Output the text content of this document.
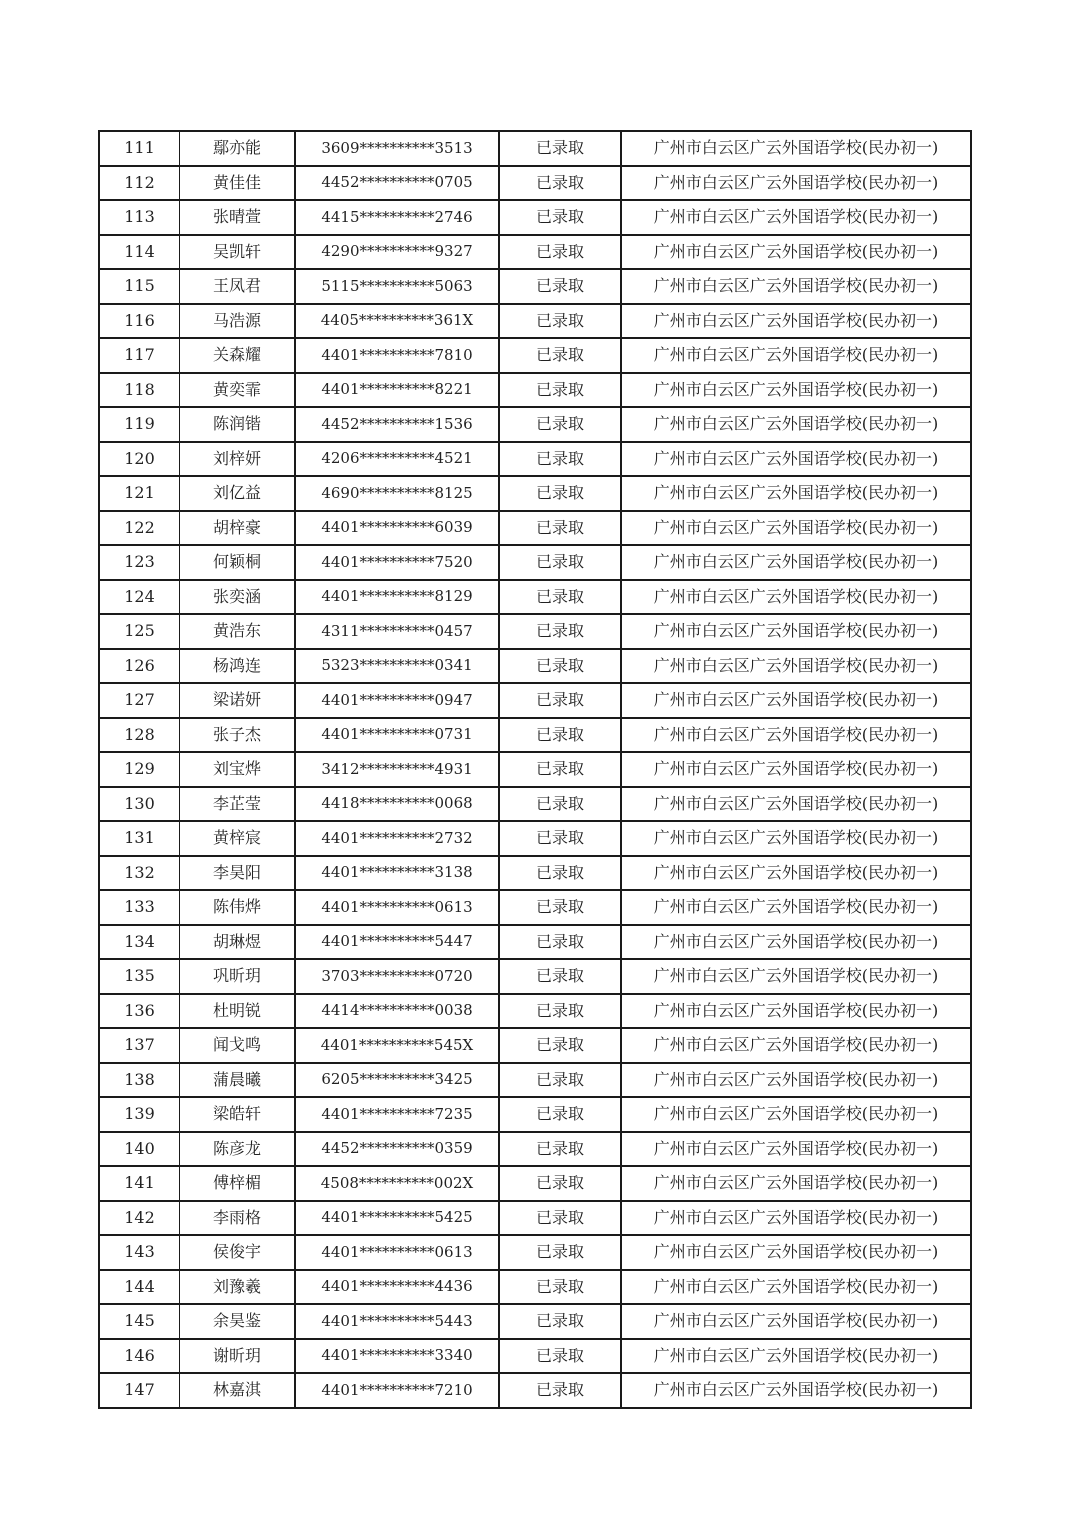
111	鄢亦能	3609**********3513	已录取	广州市白云区广云外国语学校(民办初一)
112	黄佳佳	4452**********0705	已录取	广州市白云区广云外国语学校(民办初一)
113	张晴萱	4415**********2746	已录取	广州市白云区广云外国语学校(民办初一)
114	吴凯轩	4290**********9327	已录取	广州市白云区广云外国语学校(民办初一)
115	王凤君	5115**********5063	已录取	广州市白云区广云外国语学校(民办初一)
116	马浩源	4405**********361X	已录取	广州市白云区广云外国语学校(民办初一)
117	关森耀	4401**********7810	已录取	广州市白云区广云外国语学校(民办初一)
118	黄奕霏	4401**********8221	已录取	广州市白云区广云外国语学校(民办初一)
119	陈润锴	4452**********1536	已录取	广州市白云区广云外国语学校(民办初一)
120	刘梓妍	4206**********4521	已录取	广州市白云区广云外国语学校(民办初一)
121	刘亿益	4690**********8125	已录取	广州市白云区广云外国语学校(民办初一)
122	胡梓豪	4401**********6039	已录取	广州市白云区广云外国语学校(民办初一)
123	何颖桐	4401**********7520	已录取	广州市白云区广云外国语学校(民办初一)
124	张奕涵	4401**********8129	已录取	广州市白云区广云外国语学校(民办初一)
125	黄浩东	4311**********0457	已录取	广州市白云区广云外国语学校(民办初一)
126	杨鸿连	5323**********0341	已录取	广州市白云区广云外国语学校(民办初一)
127	梁诺妍	4401**********0947	已录取	广州市白云区广云外国语学校(民办初一)
128	张子杰	4401**********0731	已录取	广州市白云区广云外国语学校(民办初一)
129	刘宝烨	3412**********4931	已录取	广州市白云区广云外国语学校(民办初一)
130	李芷莹	4418**********0068	已录取	广州市白云区广云外国语学校(民办初一)
131	黄梓宸	4401**********2732	已录取	广州市白云区广云外国语学校(民办初一)
132	李昊阳	4401**********3138	已录取	广州市白云区广云外国语学校(民办初一)
133	陈伟烨	4401**********0613	已录取	广州市白云区广云外国语学校(民办初一)
134	胡琳煜	4401**********5447	已录取	广州市白云区广云外国语学校(民办初一)
135	巩昕玥	3703**********0720	已录取	广州市白云区广云外国语学校(民办初一)
136	杜明锐	4414**********0038	已录取	广州市白云区广云外国语学校(民办初一)
137	闻戈鸣	4401**********545X	已录取	广州市白云区广云外国语学校(民办初一)
138	蒲晨曦	6205**********3425	已录取	广州市白云区广云外国语学校(民办初一)
139	梁皓轩	4401**********7235	已录取	广州市白云区广云外国语学校(民办初一)
140	陈彦龙	4452**********0359	已录取	广州市白云区广云外国语学校(民办初一)
141	傅梓楣	4508**********002X	已录取	广州市白云区广云外国语学校(民办初一)
142	李雨格	4401**********5425	已录取	广州市白云区广云外国语学校(民办初一)
143	侯俊宇	4401**********0613	已录取	广州市白云区广云外国语学校(民办初一)
144	刘豫羲	4401**********4436	已录取	广州市白云区广云外国语学校(民办初一)
145	余昊鉴	4401**********5443	已录取	广州市白云区广云外国语学校(民办初一)
146	谢昕玥	4401**********3340	已录取	广州市白云区广云外国语学校(民办初一)
147	林嘉淇	4401**********7210	已录取	广州市白云区广云外国语学校(民办初一)
